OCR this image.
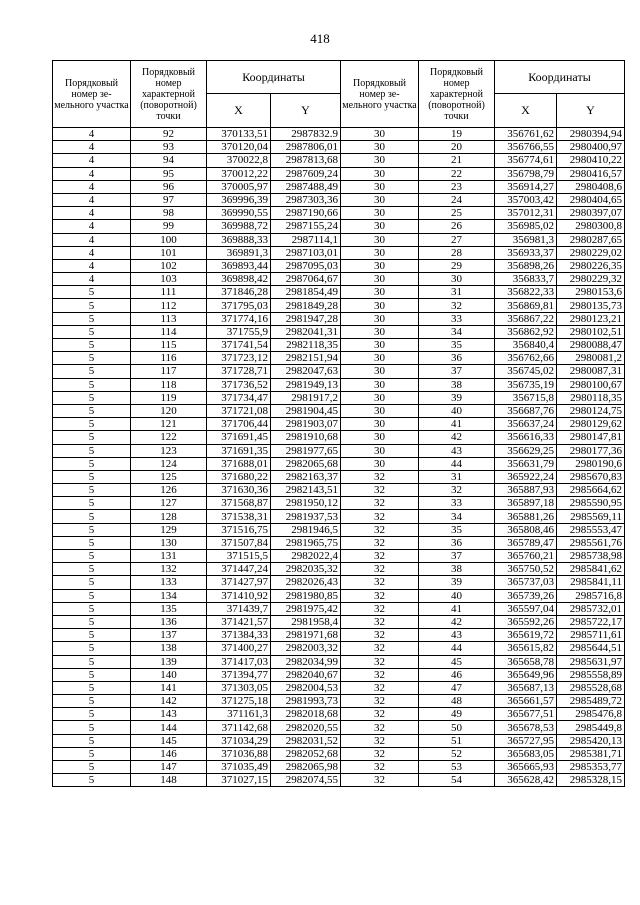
418
Порядковый номер зе-мельного участка	Порядковый номер характерной (поворотной) точки	Координаты		Порядковый номер зе-мельного участка	Порядковый номер характерной (поворотной) точки	Координаты	
		X	Y			X	Y
4	92	370133,51	2987832.9	30	19	356761,62	2980394,94
4	93	370120,04	2987806,01	30	20	356766,55	2980400,97
4	94	370022,8	2987813,68	30	21	356774,61	2980410,22
4	95	370012,22	2987609,24	30	22	356798,79	2980416,57
4	96	370005,97	2987488,49	30	23	356914,27	2980408,6
4	97	369996,39	2987303,36	30	24	357003,42	2980404,65
4	98	369990,55	2987190,66	30	25	357012,31	2980397,07
4	99	369988,72	2987155,24	30	26	356985,02	2980300,8
4	100	369888,33	2987114,1	30	27	356981,3	2980287,65
4	101	369891,3	2987103,01	30	28	356933,37	2980229,02
4	102	369893,44	2987095,03	30	29	356898,26	2980226,35
4	103	369898,42	2987064,67	30	30	356833,7	2980229,32
5	111	371846,28	2981854,49	30	31	356822,33	2980153,6
5	112	371795,03	2981849,28	30	32	356869,81	2980135,73
5	113	371774,16	2981947,28	30	33	356867,22	2980123,21
5	114	371755,9	2982041,31	30	34	356862,92	2980102,51
5	115	371741,54	2982118,35	30	35	356840,4	2980088,47
5	116	371723,12	2982151,94	30	36	356762,66	2980081,2
5	117	371728,71	2982047,63	30	37	356745,02	2980087,31
5	118	371736,52	2981949,13	30	38	356735,19	2980100,67
5	119	371734,47	2981917,2	30	39	356715,8	2980118,35
5	120	371721,08	2981904,45	30	40	356687,76	2980124,75
5	121	371706,44	2981903,07	30	41	356637,24	2980129,62
5	122	371691,45	2981910,68	30	42	356616,33	2980147,81
5	123	371691,35	2981977,65	30	43	356629,25	2980177,36
5	124	371688,01	2982065,68	30	44	356631,79	2980190,6
5	125	371680,22	2982163,37	32	31	365922,24	2985670,83
5	126	371630,36	2982143,51	32	32	365887,93	2985664,62
5	127	371568,87	2981950,12	32	33	365897,18	2985590,95
5	128	371538,31	2981937,53	32	34	365881,26	2985569,11
5	129	371516,75	2981946,5	32	35	365808,46	2985553,47
5	130	371507,84	2981965,75	32	36	365789,47	2985561,76
5	131	371515,5	2982022,4	32	37	365760,21	2985738,98
5	132	371447,24	2982035,32	32	38	365750,52	2985841,62
5	133	371427,97	2982026,43	32	39	365737,03	2985841,11
5	134	371410,92	2981980,85	32	40	365739,26	2985716,8
5	135	371439,7	2981975,42	32	41	365597,04	2985732,01
5	136	371421,57	2981958,4	32	42	365592,26	2985722,17
5	137	371384,33	2981971,68	32	43	365619,72	2985711,61
5	138	371400,27	2982003,32	32	44	365615,82	2985644,51
5	139	371417,03	2982034,99	32	45	365658,78	2985631,97
5	140	371394,77	2982040,67	32	46	365649,96	2985558,89
5	141	371303,05	2982004,53	32	47	365687,13	2985528,68
5	142	371275,18	2981993,73	32	48	365661,57	2985489,72
5	143	371161,3	2982018,68	32	49	365677,51	2985476,8
5	144	371142,68	2982020,55	32	50	365678,53	2985449,8
5	145	371034,29	2982031,52	32	51	365727,95	2985420,13
5	146	371036,88	2982052,68	32	52	365683,05	2985381,71
5	147	371035,49	2982065,98	32	53	365665,93	2985353,77
5	148	371027,15	2982074,55	32	54	365628,42	2985328,15
